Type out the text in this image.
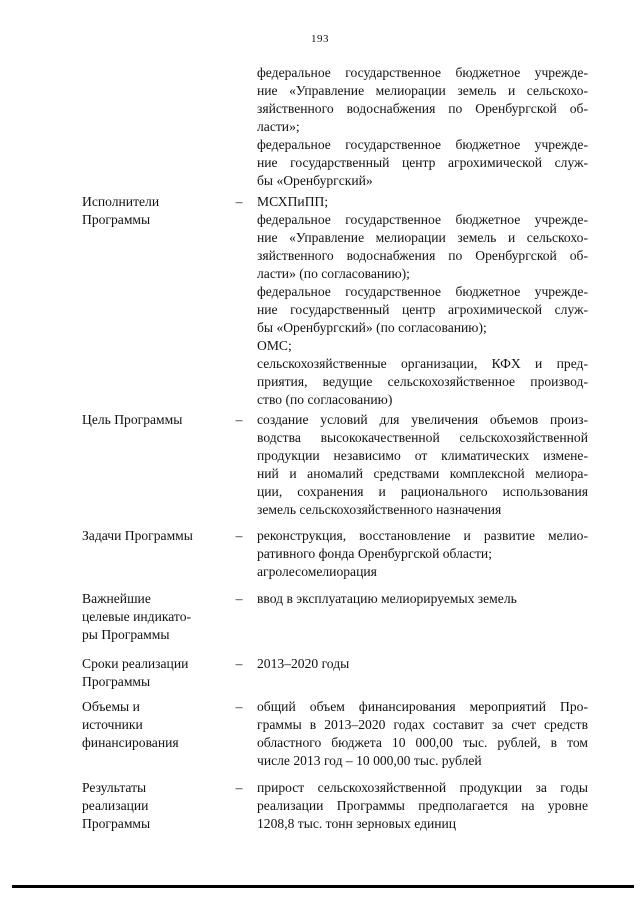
193
федеральное государственное бюджетное учрежде-
ние «Управление мелиорации земель и сельскохо-
зяйственного водоснабжения по Оренбургской об-
ласти»;
федеральное государственное бюджетное учрежде-
ние государственный центр агрохимической служ-
бы «Оренбургский»
Исполнители
Программы
– МСХПиПП;
федеральное государственное бюджетное учрежде-
ние «Управление мелиорации земель и сельскохо-
зяйственного водоснабжения по Оренбургской об-
ласти» (по согласованию);
федеральное государственное бюджетное учрежде-
ние государственный центр агрохимической служ-
бы «Оренбургский» (по согласованию);
ОМС;
сельскохозяйственные организации, КФХ и пред-
приятия, ведущие сельскохозяйственное производ-
ство (по согласованию)
Цель Программы	– создание условий для увеличения объемов произ-
водства высококачественной сельскохозяйственной
продукции независимо от климатических измене-
ний и аномалий средствами комплексной мелиора-
ции, сохранения и рационального использования
земель сельскохозяйственного назначения
Задачи Программы	– реконструкция, восстановление и развитие мелио-
ративного фонда Оренбургской области;
агролесомелиорация
Важнейшие
целевые индикато-
ры Программы
– ввод в эксплуатацию мелиорируемых земель
Сроки реализации
Программы
– 2013–2020 годы
Объемы и
источники
финансирования
– общий объем финансирования мероприятий Про-
граммы в 2013–2020 годах составит за счет средств
областного бюджета 10 000,00 тыс. рублей, в том
числе 2013 год – 10 000,00 тыс. рублей
Результаты
реализации
Программы
– прирост сельскохозяйственной продукции за годы
реализации Программы предполагается на уровне
1208,8 тыс. тонн зерновых единиц
